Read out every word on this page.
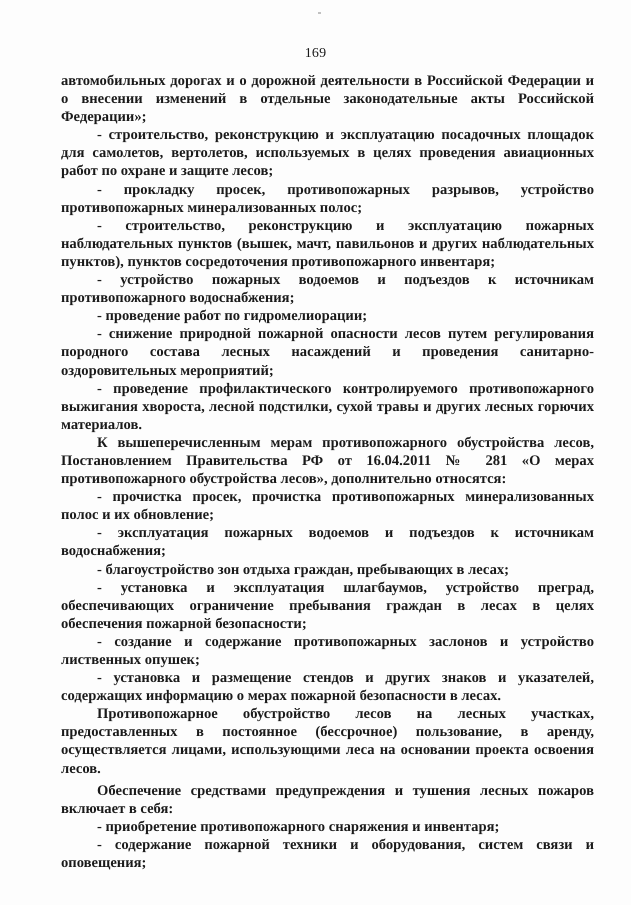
169

автомобильных дорогах и о дорожной деятельности в Российской Федерации и о внесении изменений в отдельные законодательные акты Российской Федерации»;

- строительство, реконструкцию и эксплуатацию посадочных площадок для самолетов, вертолетов, используемых в целях проведения авиационных работ по охране и защите лесов;

- прокладку просек, противопожарных разрывов, устройство противопожарных минерализованных полос;

- строительство, реконструкцию и эксплуатацию пожарных наблюдательных пунктов (вышек, мачт, павильонов и других наблюдательных пунктов), пунктов сосредоточения противопожарного инвентаря;

- устройство пожарных водоемов и подъездов к источникам противопожарного водоснабжения;

- проведение работ по гидромелиорации;

- снижение природной пожарной опасности лесов путем регулирования породного состава лесных насаждений и проведения санитарно-оздоровительных мероприятий;

- проведение профилактического контролируемого противопожарного выжигания хвороста, лесной подстилки, сухой травы и других лесных горючих материалов.

К вышеперечисленным мерам противопожарного обустройства лесов, Постановлением Правительства РФ от 16.04.2011 № 281 «О мерах противопожарного обустройства лесов», дополнительно относятся:

- прочистка просек, прочистка противопожарных минерализованных полос и их обновление;

- эксплуатация пожарных водоемов и подъездов к источникам водоснабжения;

- благоустройство зон отдыха граждан, пребывающих в лесах;

- установка и эксплуатация шлагбаумов, устройство преград, обеспечивающих ограничение пребывания граждан в лесах в целях обеспечения пожарной безопасности;

- создание и содержание противопожарных заслонов и устройство лиственных опушек;

- установка и размещение стендов и других знаков и указателей, содержащих информацию о мерах пожарной безопасности в лесах.

Противопожарное обустройство лесов на лесных участках, предоставленных в постоянное (бессрочное) пользование, в аренду, осуществляется лицами, использующими леса на основании проекта освоения лесов.

Обеспечение средствами предупреждения и тушения лесных пожаров включает в себя:

- приобретение противопожарного снаряжения и инвентаря;

- содержание пожарной техники и оборудования, систем связи и оповещения;
